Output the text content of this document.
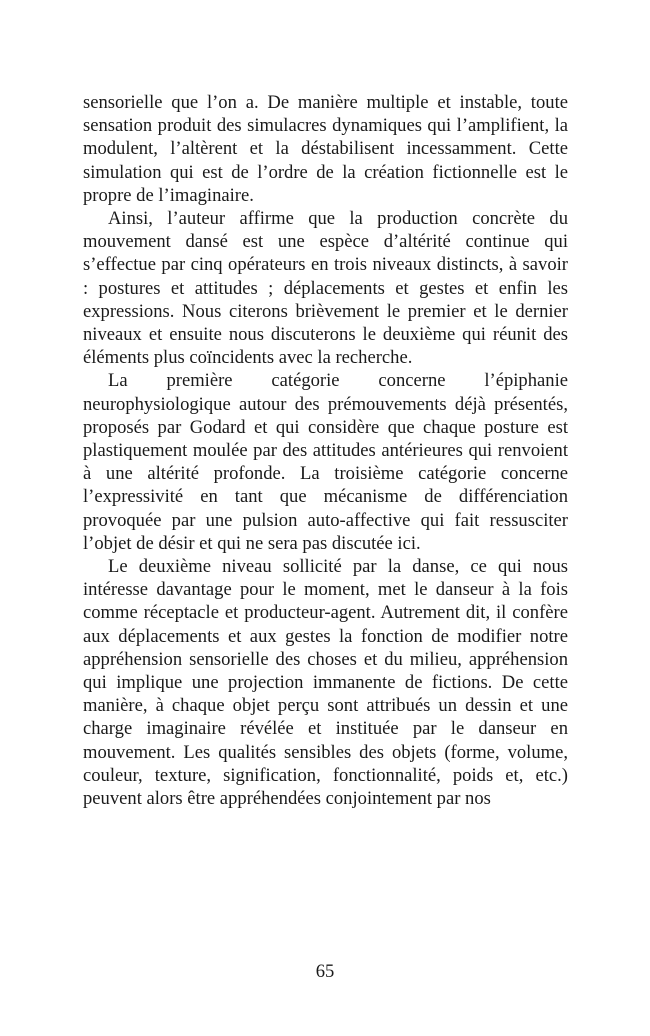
sensorielle que l’on a. De manière multiple et instable, toute sensation produit des simulacres dynamiques qui l’amplifient, la modulent, l’altèrent et la déstabilisent incessamment. Cette simulation qui est de l’ordre de la création fictionnelle est le propre de l’imaginaire.

Ainsi, l’auteur affirme que la production concrète du mouvement dansé est une espèce d’altérité continue qui s’effectue par cinq opérateurs en trois niveaux distincts, à savoir : postures et attitudes ; déplacements et gestes et enfin les expressions. Nous citerons brièvement le premier et le dernier niveaux et ensuite nous discuterons le deuxième qui réunit des éléments plus coïncidents avec la recherche.

La première catégorie concerne l’épiphanie neurophysiologique autour des prémouvements déjà présentés, proposés par Godard et qui considère que chaque posture est plastiquement moulée par des attitudes antérieures qui renvoient à une altérité profonde. La troisième catégorie concerne l’expressivité en tant que mécanisme de différenciation provoquée par une pulsion auto-affective qui fait ressusciter l’objet de désir et qui ne sera pas discutée ici.

Le deuxième niveau sollicité par la danse, ce qui nous intéresse davantage pour le moment, met le danseur à la fois comme réceptacle et producteur-agent. Autrement dit, il confère aux déplacements et aux gestes la fonction de modifier notre appréhension sensorielle des choses et du milieu, appréhension qui implique une projection immanente de fictions. De cette manière, à chaque objet perçu sont attribués un dessin et une charge imaginaire révélée et instituée par le danseur en mouvement. Les qualités sensibles des objets (forme, volume, couleur, texture, signification, fonctionnalité, poids et, etc.) peuvent alors être appréhendées conjointement par nos

65
